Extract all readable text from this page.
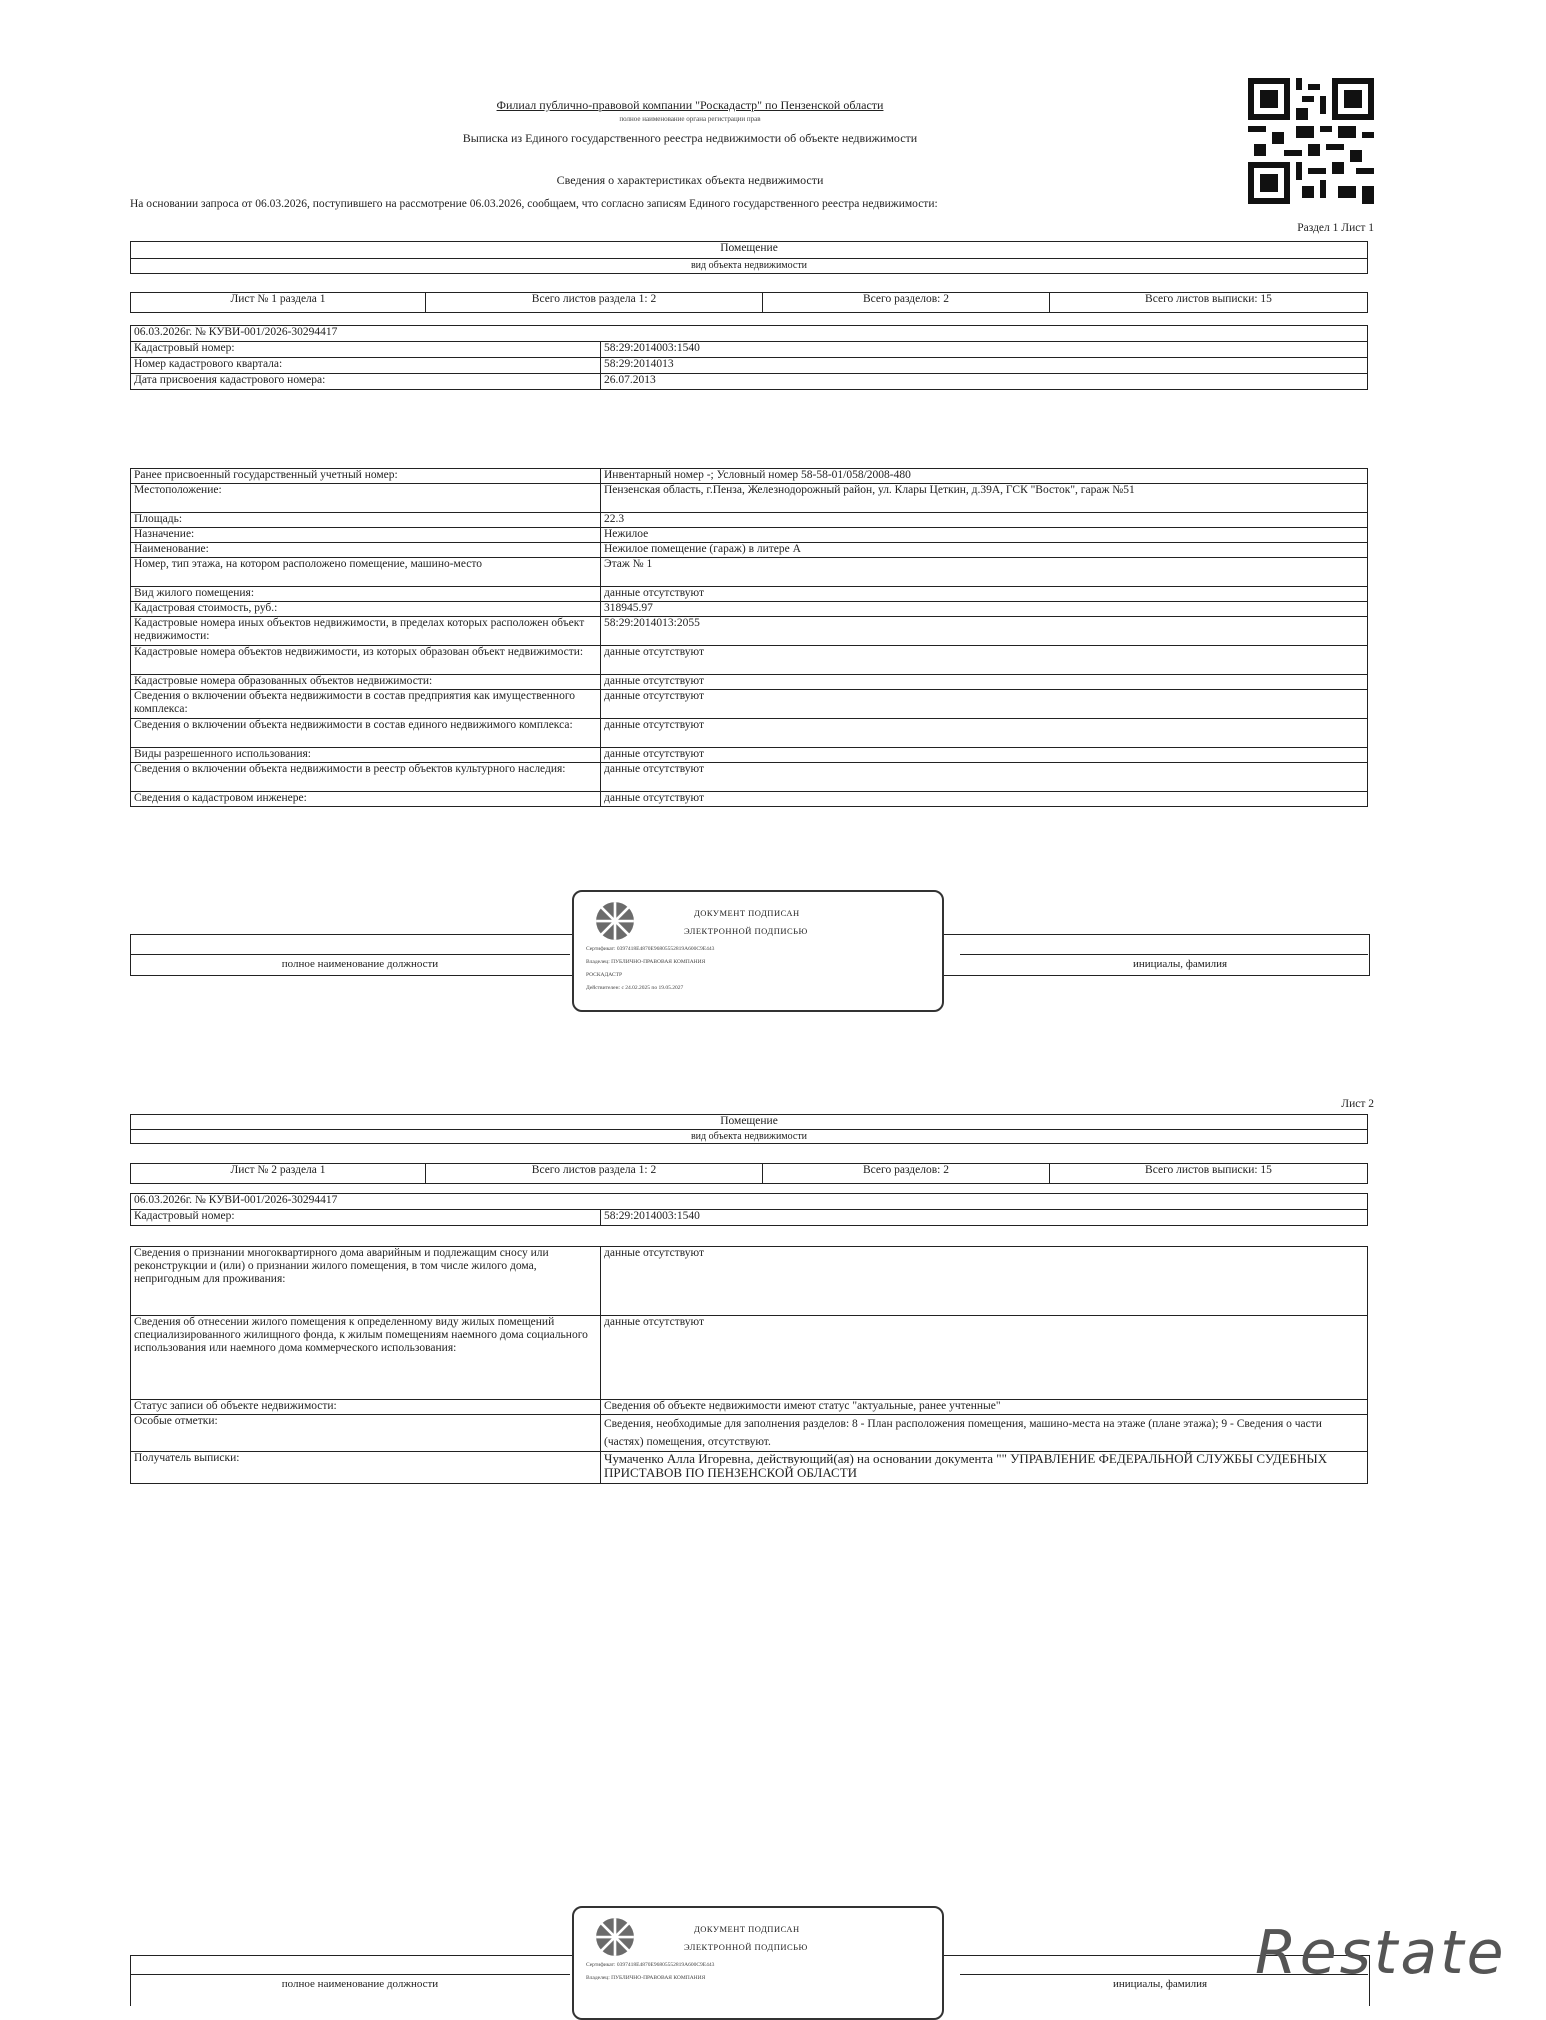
Филиал публично-правовой компании "Роскадастр" по Пензенской области
полное наименование органа регистрации прав
Выписка из Единого государственного реестра недвижимости об объекте недвижимости
Сведения о характеристиках объекта недвижимости
На основании запроса от 06.03.2026, поступившего на рассмотрение 06.03.2026, сообщаем, что согласно записям Единого государственного реестра недвижимости:
Раздел 1 Лист 1
Помещение
вид объекта недвижимости
Лист № 1 раздела 1	Всего листов раздела 1: 2	Всего разделов: 2	Всего листов выписки: 15
06.03.2026г. № КУВИ-001/2026-30294417	
Кадастровый номер:	58:29:2014003:1540
Номер кадастрового квартала:	58:29:2014013
Дата присвоения кадастрового номера:	26.07.2013
Ранее присвоенный государственный учетный номер:	Инвентарный номер -; Условный номер 58-58-01/058/2008-480
Местоположение:	Пензенская область, г.Пенза, Железнодорожный район, ул. Клары Цеткин, д.39А, ГСК "Восток", гараж №51
Площадь:	22.3
Назначение:	Нежилое
Наименование:	Нежилое помещение (гараж) в литере А
Номер, тип этажа, на котором расположено помещение, машино-место	Этаж № 1
Вид жилого помещения:	данные отсутствуют
Кадастровая стоимость, руб.:	318945.97
Кадастровые номера иных объектов недвижимости, в пределах которых расположен объект недвижимости:	58:29:2014013:2055
Кадастровые номера объектов недвижимости, из которых образован объект недвижимости:	данные отсутствуют
Кадастровые номера образованных объектов недвижимости:	данные отсутствуют
Сведения о включении объекта недвижимости в состав предприятия как имущественного комплекса:	данные отсутствуют
Сведения о включении объекта недвижимости в состав единого недвижимого комплекса:	данные отсутствуют
Виды разрешенного использования:	данные отсутствуют
Сведения о включении объекта недвижимости в реестр объектов культурного наследия:	данные отсутствуют
Сведения о кадастровом инженере:	данные отсутствуют
полное наименование должности	инициалы, фамилия
ДОКУМЕНТ ПОДПИСАН
ЭЛЕКТРОННОЙ ПОДПИСЬЮ
Сертификат: 0397418E4870E96805552819A600C9E443
Владелец: ПУБЛИЧНО-ПРАВОВАЯ КОМПАНИЯ
РОСКАДАСТР
Действителен: с 24.02.2025 по 19.05.2027
Лист 2
Помещение
вид объекта недвижимости
Лист № 2 раздела 1	Всего листов раздела 1: 2	Всего разделов: 2	Всего листов выписки: 15
06.03.2026г. № КУВИ-001/2026-30294417
Кадастровый номер:	58:29:2014003:1540
Сведения о признании многоквартирного дома аварийным и подлежащим сносу или реконструкции и (или) о признании жилого помещения, в том числе жилого дома, непригодным для проживания:	данные отсутствуют
Сведения об отнесении жилого помещения к определенному виду жилых помещений специализированного жилищного фонда, к жилым помещениям наемного дома социального использования или наемного дома коммерческого использования:	данные отсутствуют
Статус записи об объекте недвижимости:	Сведения об объекте недвижимости имеют статус "актуальные, ранее учтенные"
Особые отметки:	Сведения, необходимые для заполнения разделов: 8 - План расположения помещения, машино-места на этаже (плане этажа); 9 - Сведения о части (частях) помещения, отсутствуют.
Получатель выписки:	Чумаченко Алла Игоревна, действующий(ая) на основании документа "" УПРАВЛЕНИЕ ФЕДЕРАЛЬНОЙ СЛУЖБЫ СУДЕБНЫХ ПРИСТАВОВ ПО ПЕНЗЕНСКОЙ ОБЛАСТИ
полное наименование должности	инициалы, фамилия
ДОКУМЕНТ ПОДПИСАН
ЭЛЕКТРОННОЙ ПОДПИСЬЮ
Сертификат: 0397418E4870E96805552819A600C9E443
Владелец: ПУБЛИЧНО-ПРАВОВАЯ КОМПАНИЯ	Restate
